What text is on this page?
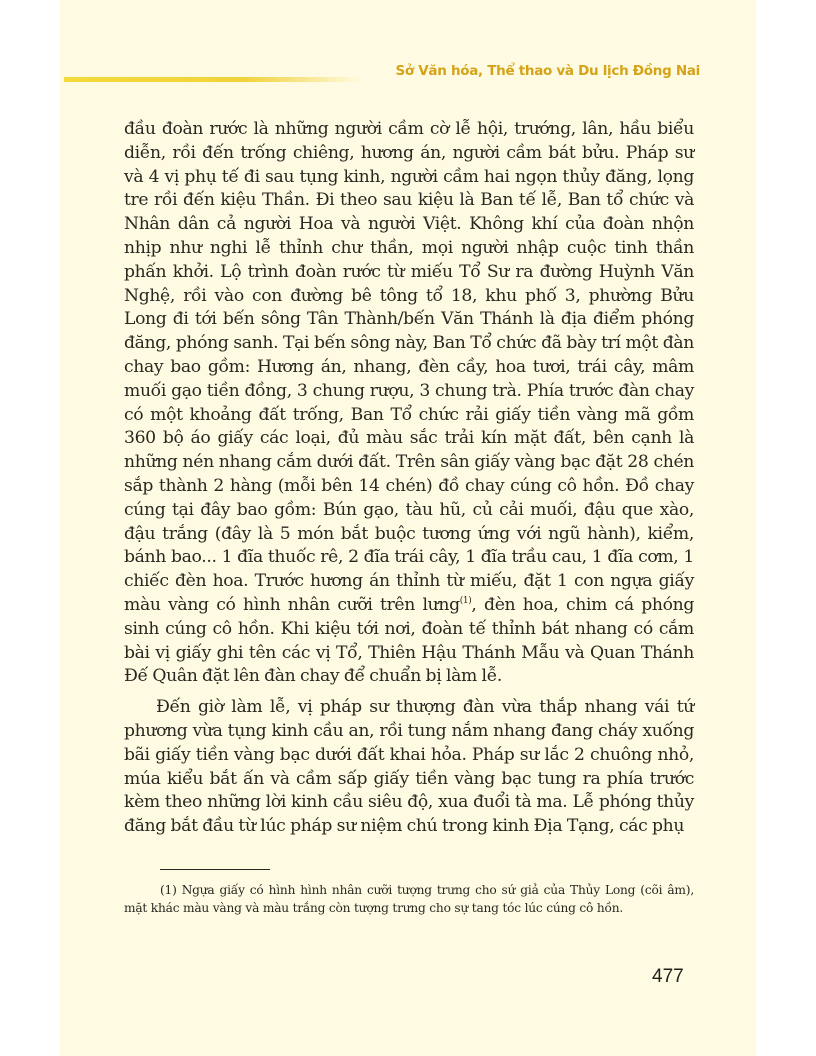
Sở Văn hóa, Thể thao và Du lịch Đồng Nai

đầu đoàn rước là những người cầm cờ lễ hội, trướng, lân, hầu biểu diễn, rồi đến trống chiêng, hương án, người cầm bát bửu. Pháp sư và 4 vị phụ tế đi sau tụng kinh, người cầm hai ngọn thủy đăng, lọng tre rồi đến kiệu Thần. Đi theo sau kiệu là Ban tế lễ, Ban tổ chức và Nhân dân cả người Hoa và người Việt. Không khí của đoàn nhộn nhịp như nghi lễ thỉnh chư thần, mọi người nhập cuộc tinh thần phấn khởi. Lộ trình đoàn rước từ miếu Tổ Sư ra đường Huỳnh Văn Nghệ, rồi vào con đường bê tông tổ 18, khu phố 3, phường Bửu Long đi tới bến sông Tân Thành/bến Văn Thánh là địa điểm phóng đăng, phóng sanh. Tại bến sông này, Ban Tổ chức đã bày trí một đàn chay bao gồm: Hương án, nhang, đèn cầy, hoa tươi, trái cây, mâm muối gạo tiền đồng, 3 chung rượu, 3 chung trà. Phía trước đàn chay có một khoảng đất trống, Ban Tổ chức rải giấy tiền vàng mã gồm 360 bộ áo giấy các loại, đủ màu sắc trải kín mặt đất, bên cạnh là những nén nhang cắm dưới đất. Trên sân giấy vàng bạc đặt 28 chén sắp thành 2 hàng (mỗi bên 14 chén) đồ chay cúng cô hồn. Đồ chay cúng tại đây bao gồm: Bún gạo, tàu hũ, củ cải muối, đậu que xào, đậu trắng (đây là 5 món bắt buộc tương ứng với ngũ hành), kiểm, bánh bao... 1 đĩa thuốc rê, 2 đĩa trái cây, 1 đĩa trầu cau, 1 đĩa cơm, 1 chiếc đèn hoa. Trước hương án thỉnh từ miếu, đặt 1 con ngựa giấy màu vàng có hình nhân cưỡi trên lưng$^{(1)}$, đèn hoa, chim cá phóng sinh cúng cô hồn. Khi kiệu tới nơi, đoàn tế thỉnh bát nhang có cắm bài vị giấy ghi tên các vị Tổ, Thiên Hậu Thánh Mẫu và Quan Thánh Đế Quân đặt lên đàn chay để chuẩn bị làm lễ.

Đến giờ làm lễ, vị pháp sư thượng đàn vừa thắp nhang vái tứ phương vừa tụng kinh cầu an, rồi tung nắm nhang đang cháy xuống bãi giấy tiền vàng bạc dưới đất khai hỏa. Pháp sư lắc 2 chuông nhỏ, múa kiểu bắt ấn và cầm sấp giấy tiền vàng bạc tung ra phía trước kèm theo những lời kinh cầu siêu độ, xua đuổi tà ma. Lễ phóng thủy đăng bắt đầu từ lúc pháp sư niệm chú trong kinh Địa Tạng, các phụ

(1) Ngựa giấy có hình hình nhân cưỡi tượng trưng cho sứ giả của Thủy Long (cõi âm), mặt khác màu vàng và màu trắng còn tượng trưng cho sự tang tóc lúc cúng cô hồn.
477
